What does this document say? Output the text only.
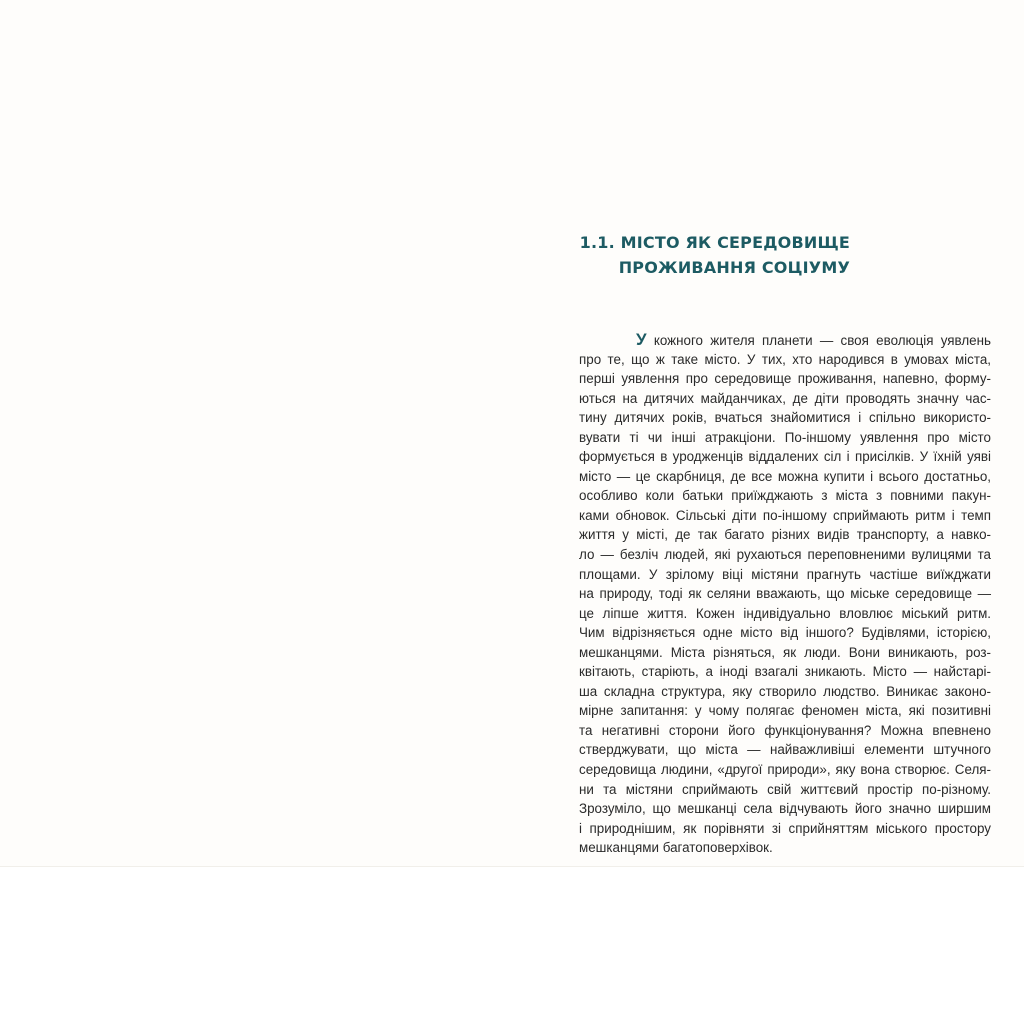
1.1. МІСТО ЯК СЕРЕДОВИЩЕ
ПРОЖИВАННЯ СОЦІУМУ
У кожного жителя планети — своя еволюція уявлень
про те, що ж таке місто. У тих, хто народився в умовах міста,
перші уявлення про середовище проживання, напевно, форму-
ються на дитячих майданчиках, де діти проводять значну час-
тину дитячих років, вчаться знайомитися і спільно використо-
вувати ті чи інші атракціони. По-іншому уявлення про місто
формується в уродженців віддалених сіл і присілків. У їхній уяві
місто — це скарбниця, де все можна купити і всього достатньо,
особливо коли батьки приїжджають з міста з повними пакун-
ками обновок. Сільські діти по-іншому сприймають ритм і темп
життя у місті, де так багато різних видів транспорту, а навко-
ло — безліч людей, які рухаються переповненими вулицями та
площами. У зрілому віці містяни прагнуть частіше виїжджати
на природу, тоді як селяни вважають, що міське середовище —
це ліпше життя. Кожен індивідуально вловлює міський ритм.
Чим відрізняється одне місто від іншого? Будівлями, історією,
мешканцями. Міста різняться, як люди. Вони виникають, роз-
квітають, старіють, а іноді взагалі зникають. Місто — найстарі-
ша складна структура, яку створило людство. Виникає законо-
мірне запитання: у чому полягає феномен міста, які позитивні
та негативні сторони його функціонування? Можна впевнено
стверджувати, що міста — найважливіші елементи штучного
середовища людини, «другої природи», яку вона створює. Селя-
ни та містяни сприймають свій життєвий простір по-різному.
Зрозуміло, що мешканці села відчувають його значно ширшим
і природнішим, як порівняти зі сприйняттям міського простору
мешканцями багатоповерхівок.
